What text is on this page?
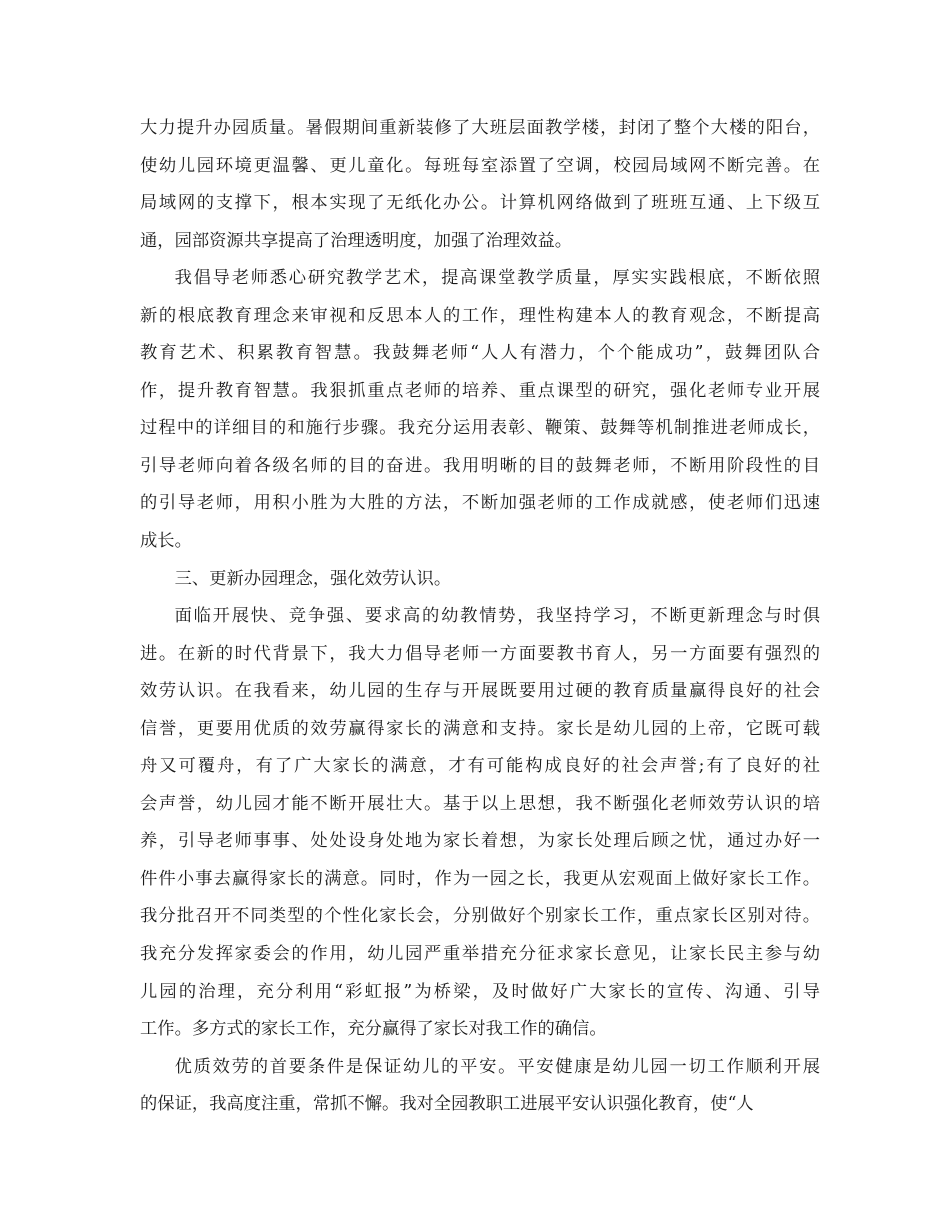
大力提升办园质量。暑假期间重新装修了大班层面教学楼，封闭了整个大楼的阳台，
使幼儿园环境更温馨、更儿童化。每班每室添置了空调，校园局域网不断完善。在
局域网的支撑下，根本实现了无纸化办公。计算机网络做到了班班互通、上下级互
通，园部资源共享提高了治理透明度，加强了治理效益。
我倡导老师悉心研究教学艺术，提高课堂教学质量，厚实实践根底，不断依照
新的根底教育理念来审视和反思本人的工作，理性构建本人的教育观念，不断提高
教育艺术、积累教育智慧。我鼓舞老师“人人有潜力，个个能成功”，鼓舞团队合
作，提升教育智慧。我狠抓重点老师的培养、重点课型的研究，强化老师专业开展
过程中的详细目的和施行步骤。我充分运用表彰、鞭策、鼓舞等机制推进老师成长，
引导老师向着各级名师的目的奋进。我用明晰的目的鼓舞老师，不断用阶段性的目
的引导老师，用积小胜为大胜的方法，不断加强老师的工作成就感，使老师们迅速
成长。
三、更新办园理念，强化效劳认识。
面临开展快、竞争强、要求高的幼教情势，我坚持学习，不断更新理念与时俱
进。在新的时代背景下，我大力倡导老师一方面要教书育人，另一方面要有强烈的
效劳认识。在我看来，幼儿园的生存与开展既要用过硬的教育质量赢得良好的社会
信誉，更要用优质的效劳赢得家长的满意和支持。家长是幼儿园的上帝，它既可载
舟又可覆舟，有了广大家长的满意，才有可能构成良好的社会声誉;有了良好的社
会声誉，幼儿园才能不断开展壮大。基于以上思想，我不断强化老师效劳认识的培
养，引导老师事事、处处设身处地为家长着想，为家长处理后顾之忧，通过办好一
件件小事去赢得家长的满意。同时，作为一园之长，我更从宏观面上做好家长工作。
我分批召开不同类型的个性化家长会，分别做好个别家长工作，重点家长区别对待。
我充分发挥家委会的作用，幼儿园严重举措充分征求家长意见，让家长民主参与幼
儿园的治理，充分利用“彩虹报”为桥梁，及时做好广大家长的宣传、沟通、引导
工作。多方式的家长工作，充分赢得了家长对我工作的确信。
优质效劳的首要条件是保证幼儿的平安。平安健康是幼儿园一切工作顺利开展
的保证，我高度注重，常抓不懈。我对全园教职工进展平安认识强化教育，使“人
